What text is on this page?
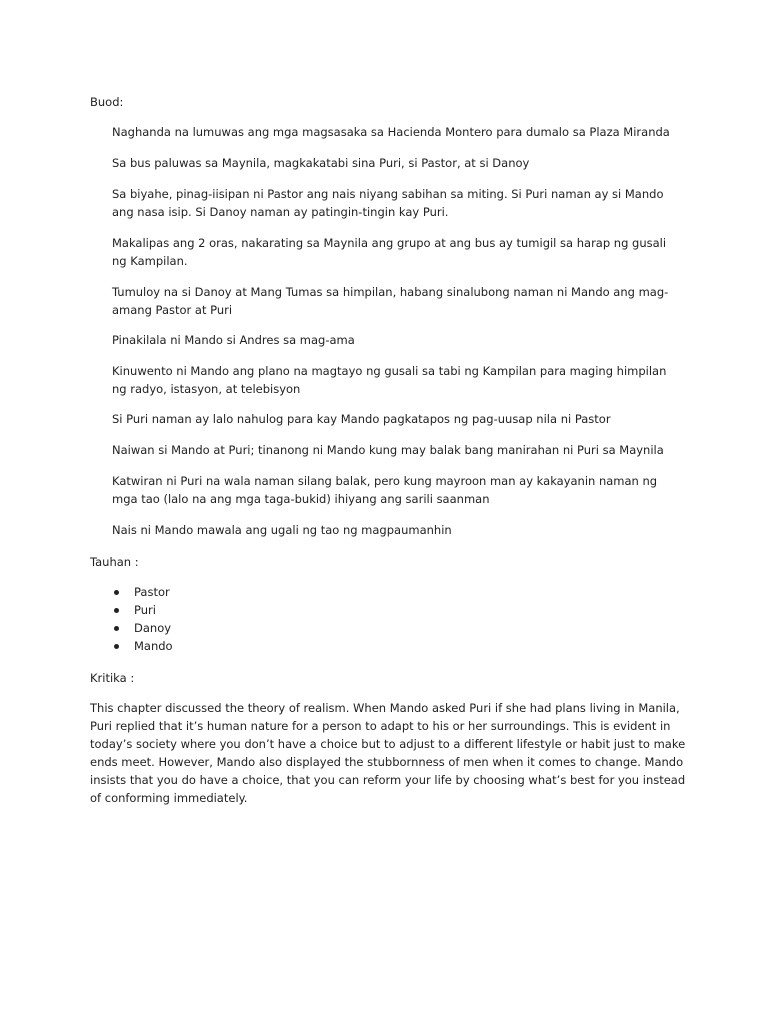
Buod:

Naghanda na lumuwas ang mga magsasaka sa Hacienda Montero para dumalo sa Plaza Miranda

Sa bus paluwas sa Maynila, magkakatabi sina Puri, si Pastor, at si Danoy

Sa biyahe, pinag-iisipan ni Pastor ang nais niyang sabihan sa miting. Si Puri naman ay si Mando ang nasa isip. Si Danoy naman ay patingin-tingin kay Puri.

Makalipas ang 2 oras, nakarating sa Maynila ang grupo at ang bus ay tumigil sa harap ng gusali ng Kampilan.

Tumuloy na si Danoy at Mang Tumas sa himpilan, habang sinalubong naman ni Mando ang mag-amang Pastor at Puri

Pinakilala ni Mando si Andres sa mag-ama

Kinuwento ni Mando ang plano na magtayo ng gusali sa tabi ng Kampilan para maging himpilan ng radyo, istasyon, at telebisyon

Si Puri naman ay lalo nahulog para kay Mando pagkatapos ng pag-uusap nila ni Pastor

Naiwan si Mando at Puri; tinanong ni Mando kung may balak bang manirahan ni Puri sa Maynila

Katwiran ni Puri na wala naman silang balak, pero kung mayroon man ay kakayanin naman ng mga tao (lalo na ang mga taga-bukid) ihiyang ang sarili saanman

Nais ni Mando mawala ang ugali ng tao ng magpaumanhin

Tauhan :

Pastor
Puri
Danoy
Mando

Kritika :

This chapter discussed the theory of realism. When Mando asked Puri if she had plans living in Manila, Puri replied that it’s human nature for a person to adapt to his or her surroundings. This is evident in today’s society where you don’t have a choice but to adjust to a different lifestyle or habit just to make ends meet. However, Mando also displayed the stubbornness of men when it comes to change. Mando insists that you do have a choice, that you can reform your life by choosing what’s best for you instead of conforming immediately.
